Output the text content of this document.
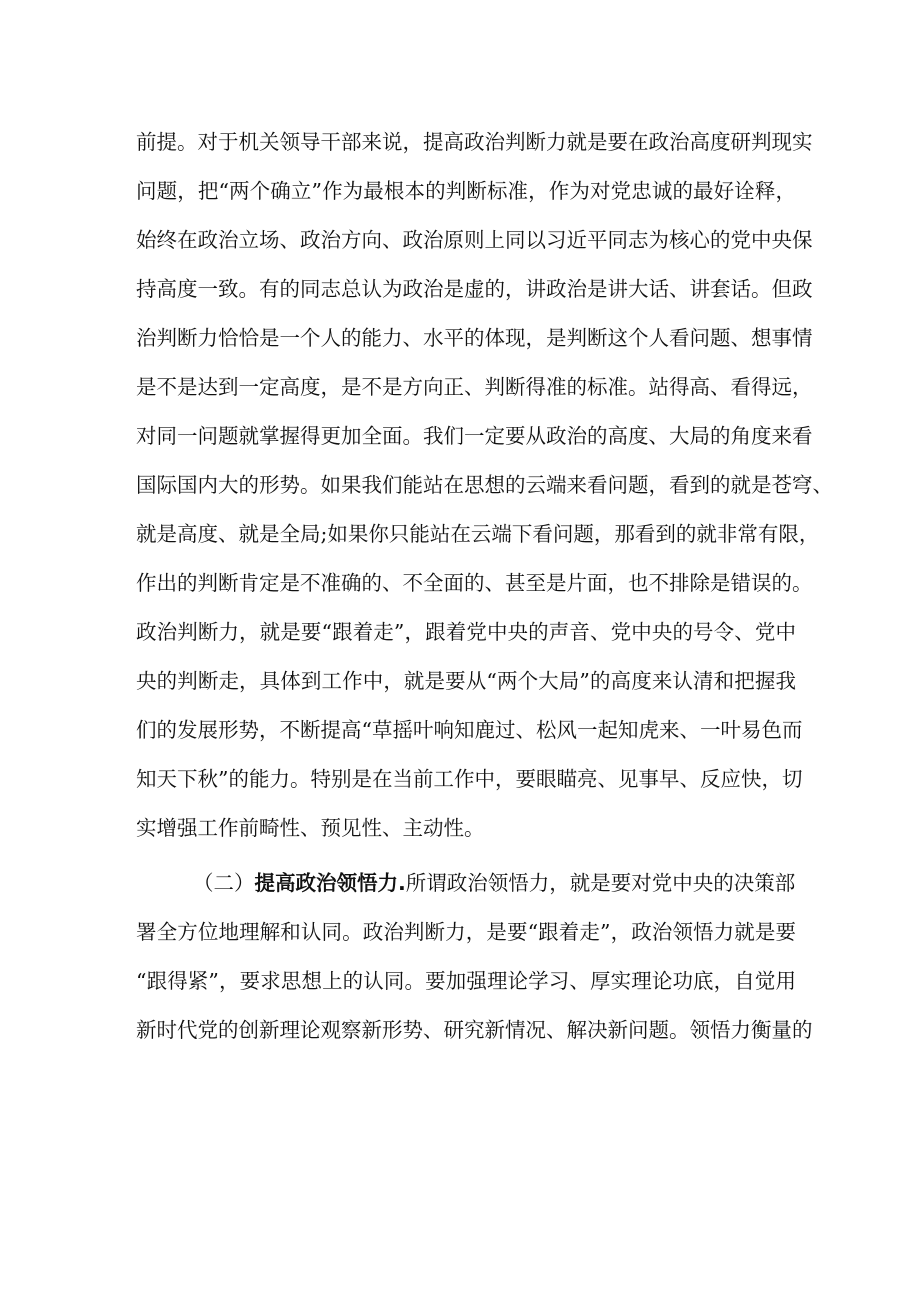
前提。对于机关领导干部来说，提高政治判断力就是要在政治高度研判现实
问题，把“两个确立”作为最根本的判断标准，作为对党忠诚的最好诠释，
始终在政治立场、政治方向、政治原则上同以习近平同志为核心的党中央保
持高度一致。有的同志总认为政治是虚的，讲政治是讲大话、讲套话。但政
治判断力恰恰是一个人的能力、水平的体现，是判断这个人看问题、想事情
是不是达到一定高度，是不是方向正、判断得准的标准。站得高、看得远，
对同一问题就掌握得更加全面。我们一定要从政治的高度、大局的角度来看
国际国内大的形势。如果我们能站在思想的云端来看问题，看到的就是苍穹、
就是高度、就是全局;如果你只能站在云端下看问题，那看到的就非常有限，
作出的判断肯定是不准确的、不全面的、甚至是片面，也不排除是错误的。
政治判断力，就是要“跟着走”，跟着党中央的声音、党中央的号令、党中
央的判断走，具体到工作中，就是要从“两个大局”的高度来认清和把握我
们的发展形势，不断提高“草摇叶响知鹿过、松风一起知虎来、一叶易色而
知天下秋”的能力。特别是在当前工作中，要眼瞄亮、见事早、反应快，切
实增强工作前畸性、预见性、主动性。
（二）提高政治领悟力.所谓政治领悟力，就是要对党中央的决策部
署全方位地理解和认同。政治判断力，是要“跟着走”，政治领悟力就是要
“跟得紧”，要求思想上的认同。要加强理论学习、厚实理论功底，自觉用
新时代党的创新理论观察新形势、研究新情况、解决新问题。领悟力衡量的
